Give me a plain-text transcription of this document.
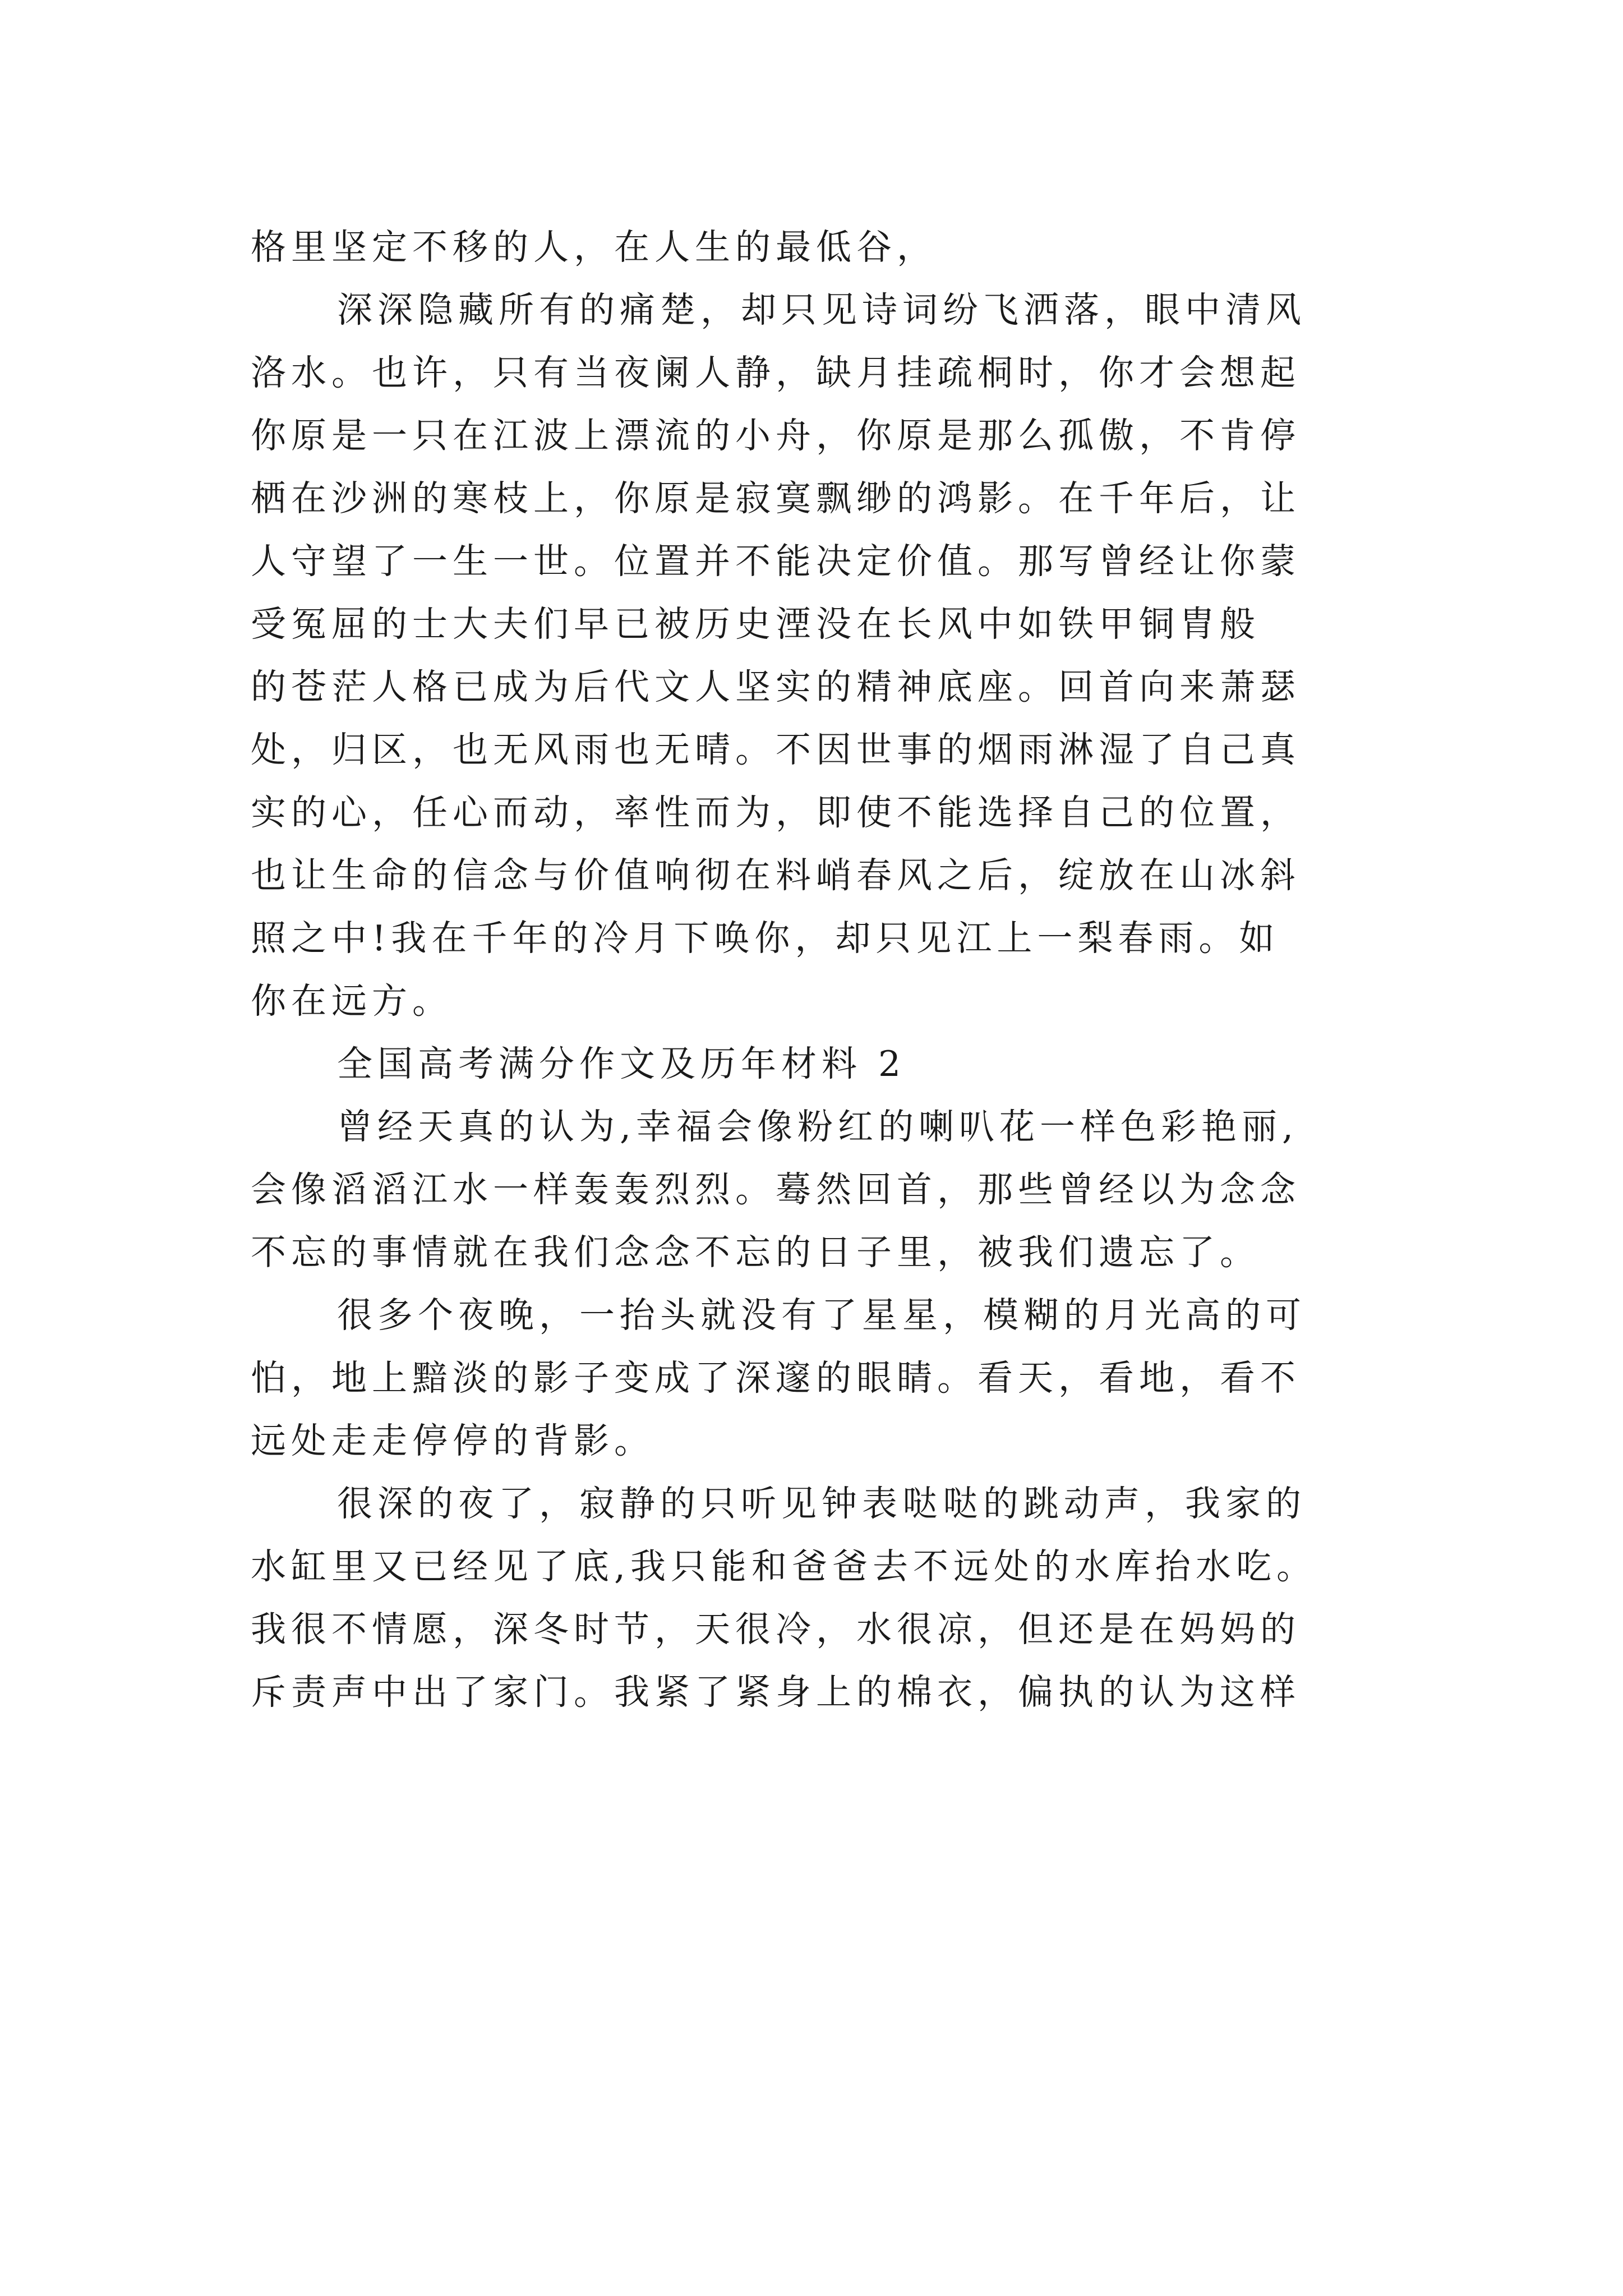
格里坚定不移的人，在人生的最低谷，
深深隐藏所有的痛楚，却只见诗词纷飞洒落，眼中清风
洛水。也许，只有当夜阑人静，缺月挂疏桐时，你才会想起
你原是一只在江波上漂流的小舟，你原是那么孤傲，不肯停
栖在沙洲的寒枝上，你原是寂寞飘缈的鸿影。在千年后，让
人守望了一生一世。位置并不能决定价值。那写曾经让你蒙
受冤屈的士大夫们早已被历史湮没在长风中如铁甲铜胄般
的苍茫人格已成为后代文人坚实的精神底座。回首向来萧瑟
处，归区，也无风雨也无晴。不因世事的烟雨淋湿了自己真
实的心，任心而动，率性而为，即使不能选择自己的位置，
也让生命的信念与价值响彻在料峭春风之后，绽放在山冰斜
照之中!我在千年的冷月下唤你，却只见江上一梨春雨。如
你在远方。
全国高考满分作文及历年材料 2
曾经天真的认为,幸福会像粉红的喇叭花一样色彩艳丽,
会像滔滔江水一样轰轰烈烈。蓦然回首，那些曾经以为念念
不忘的事情就在我们念念不忘的日子里，被我们遗忘了。
很多个夜晚，一抬头就没有了星星，模糊的月光高的可
怕，地上黯淡的影子变成了深邃的眼睛。看天，看地，看不
远处走走停停的背影。
很深的夜了，寂静的只听见钟表哒哒的跳动声，我家的
水缸里又已经见了底,我只能和爸爸去不远处的水库抬水吃。
我很不情愿，深冬时节，天很冷，水很凉，但还是在妈妈的
斥责声中出了家门。我紧了紧身上的棉衣，偏执的认为这样
